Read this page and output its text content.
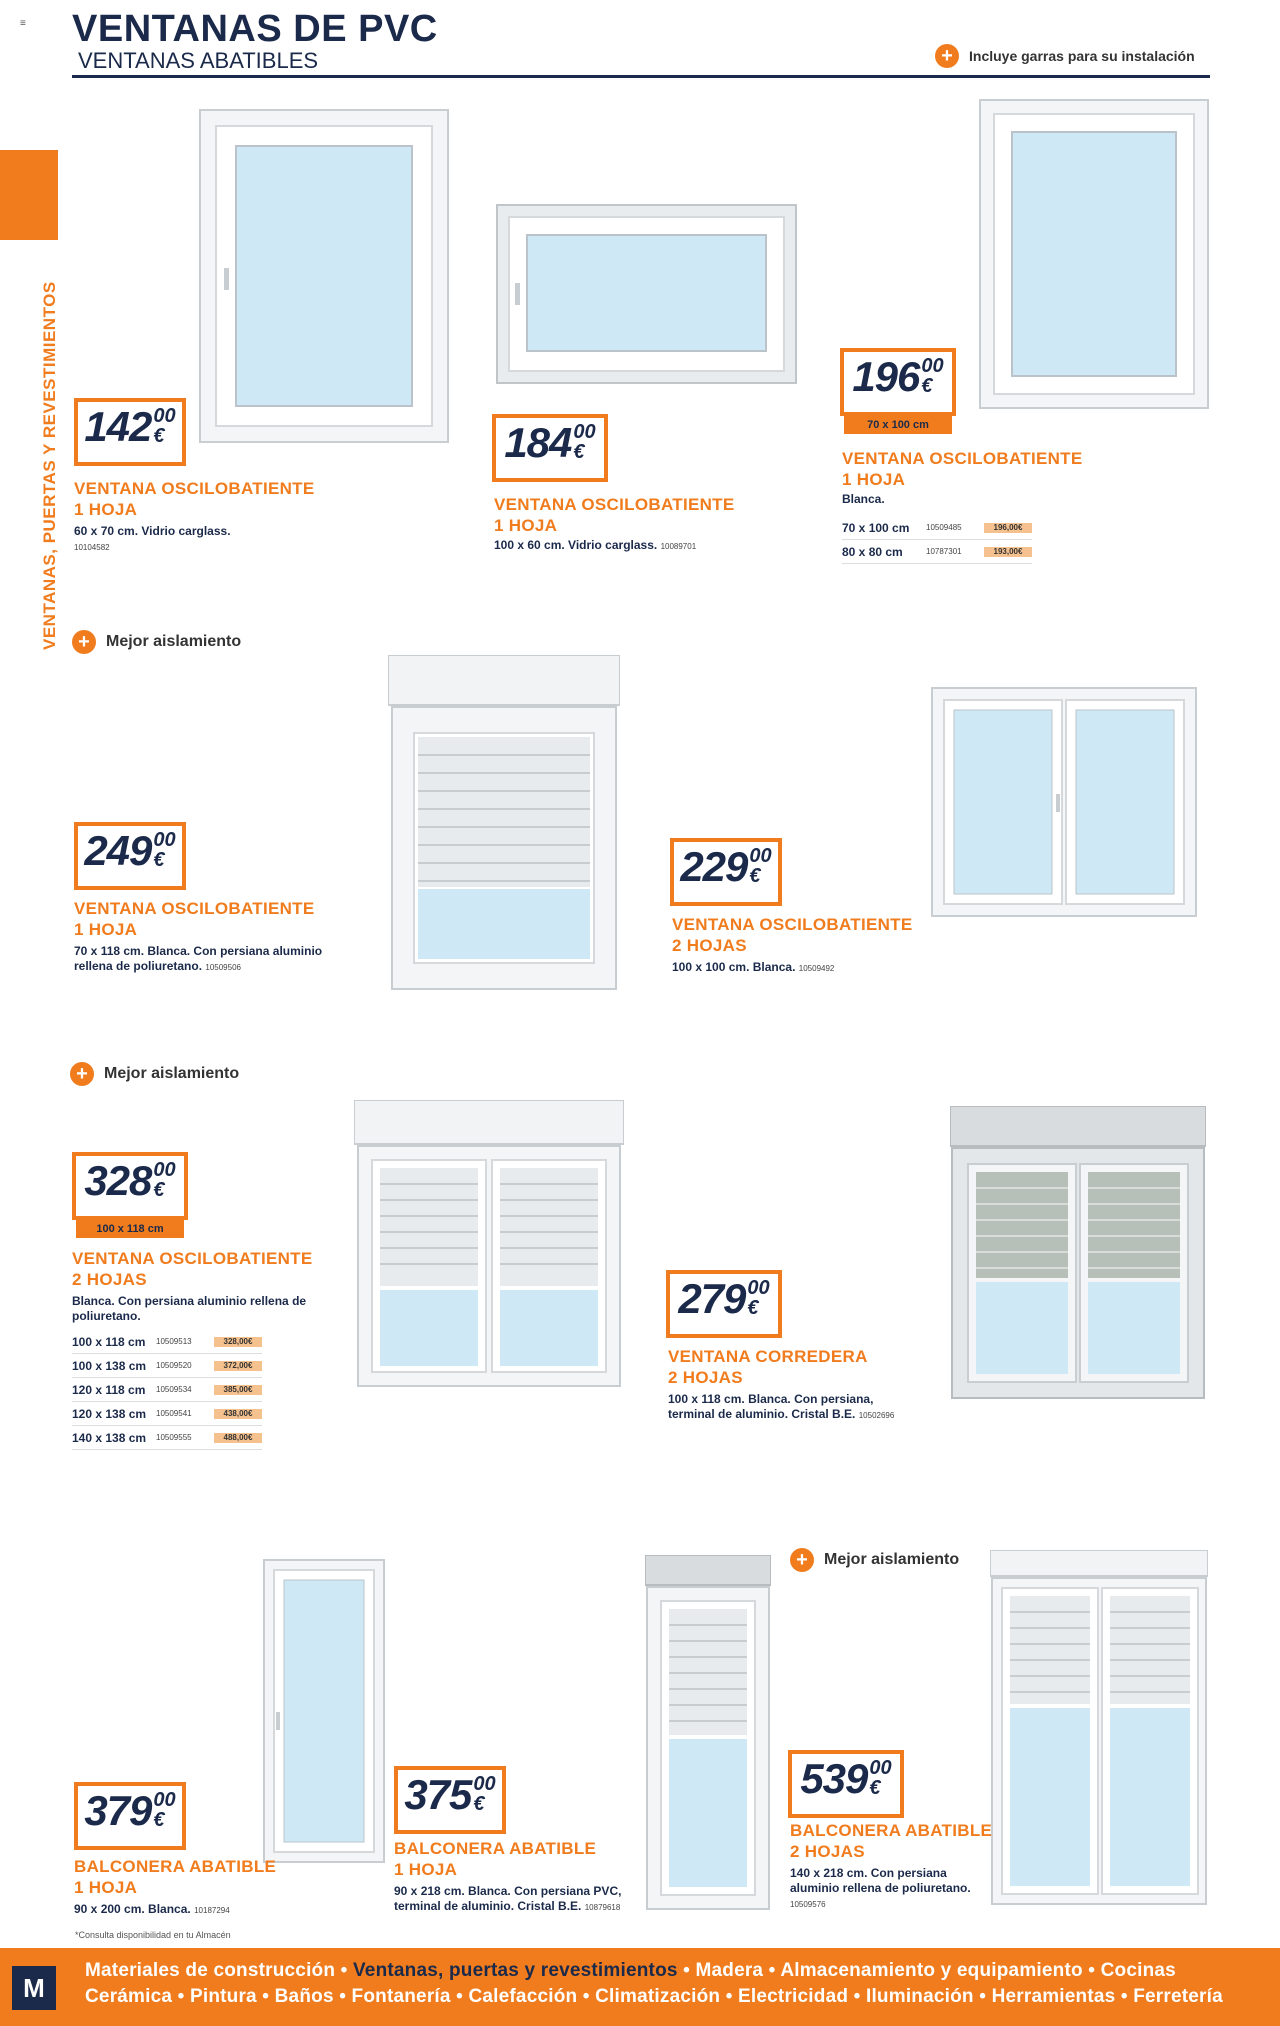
≡
VENTANAS, PUERTAS Y REVESTIMIENTOS
VENTANAS DE PVC
VENTANAS ABATIBLES	+	Incluye garras para su instalación
142 00
€
VENTANA OSCILOBATIENTE
1 HOJA
60 x 70 cm. Vidrio carglass.
10104582
184 00
€
VENTANA OSCILOBATIENTE
1 HOJA
100 x 60 cm. Vidrio carglass. 10089701
196 00
€
70 x 100 cm
VENTANA OSCILOBATIENTE
1 HOJA
Blanca.
70 x 100 cm	10509485	196,00€
80 x 80 cm	10787301	193,00€
+	Mejor aislamiento
249 00
€
VENTANA OSCILOBATIENTE
1 HOJA
70 x 118 cm. Blanca. Con persiana aluminio rellena de poliuretano. 10509506
229 00
€
VENTANA OSCILOBATIENTE
2 HOJAS
100 x 100 cm. Blanca. 10509492
+	Mejor aislamiento
328 00
€
100 x 118 cm
VENTANA OSCILOBATIENTE
2 HOJAS
Blanca. Con persiana aluminio rellena de poliuretano.
100 x 118 cm	10509513	328,00€
100 x 138 cm	10509520	372,00€
120 x 118 cm	10509534	385,00€
120 x 138 cm	10509541	438,00€
140 x 138 cm	10509555	488,00€
279 00
€
VENTANA CORREDERA
2 HOJAS
100 x 118 cm. Blanca. Con persiana, terminal de aluminio. Cristal B.E. 10502696
+	Mejor aislamiento
379 00
€
BALCONERA ABATIBLE
1 HOJA
90 x 200 cm. Blanca. 10187294
375 00
€
BALCONERA ABATIBLE
1 HOJA
90 x 218 cm. Blanca. Con persiana PVC, terminal de aluminio. Cristal B.E. 10879618
539 00
€
BALCONERA ABATIBLE
2 HOJAS
140 x 218 cm. Con persiana aluminio rellena de poliuretano.
10509576
*Consulta disponibilidad en tu Almacén
M
Materiales de construcción • Ventanas, puertas y revestimientos • Madera • Almacenamiento y equipamiento • Cocinas
Cerámica • Pintura • Baños • Fontanería • Calefacción • Climatización • Electricidad • Iluminación • Herramientas • Ferretería
